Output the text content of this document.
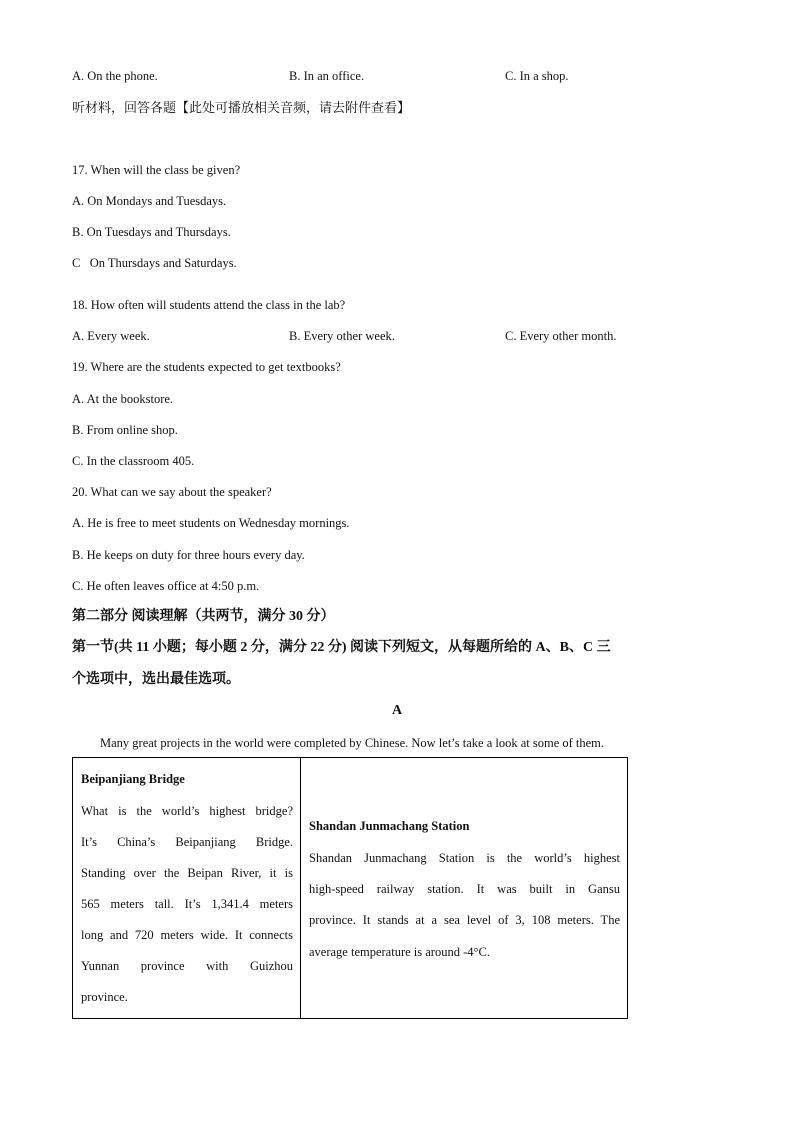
A. On the phone.	B. In an office.	C. In a shop.
听材料，回答各题【此处可播放相关音频，请去附件查看】
17. When will the class be given?
A. On Mondays and Tuesdays.
B. On Tuesdays and Thursdays.
C   On Thursdays and Saturdays.
18. How often will students attend the class in the lab?
A. Every week.	B. Every other week.	C. Every other month.
19. Where are the students expected to get textbooks?
A. At the bookstore.
B. From online shop.
C. In the classroom 405.
20. What can we say about the speaker?
A. He is free to meet students on Wednesday mornings.
B. He keeps on duty for three hours every day.
C. He often leaves office at 4:50 p.m.
第二部分 阅读理解（共两节，满分 30 分）
第一节(共 11 小题；每小题 2 分，满分 22 分) 阅读下列短文，从每题所给的 A、B、C 三
个选项中，选出最佳选项。
A
Many great projects in the world were completed by Chinese. Now let’s take a look at some of them.
Beipanjiang Bridge
What is the world’s highest bridge?
It’s China’s Beipanjiang Bridge.
Standing over the Beipan River, it is
565 meters tall. It’s 1,341.4 meters
long and 720 meters wide. It connects
Yunnan province with Guizhou
province.
Shandan Junmachang Station
Shandan Junmachang Station is the world’s highest
high-speed railway station. It was built in Gansu
province. It stands at a sea level of 3, 108 meters. The
average temperature is around -4°C.
